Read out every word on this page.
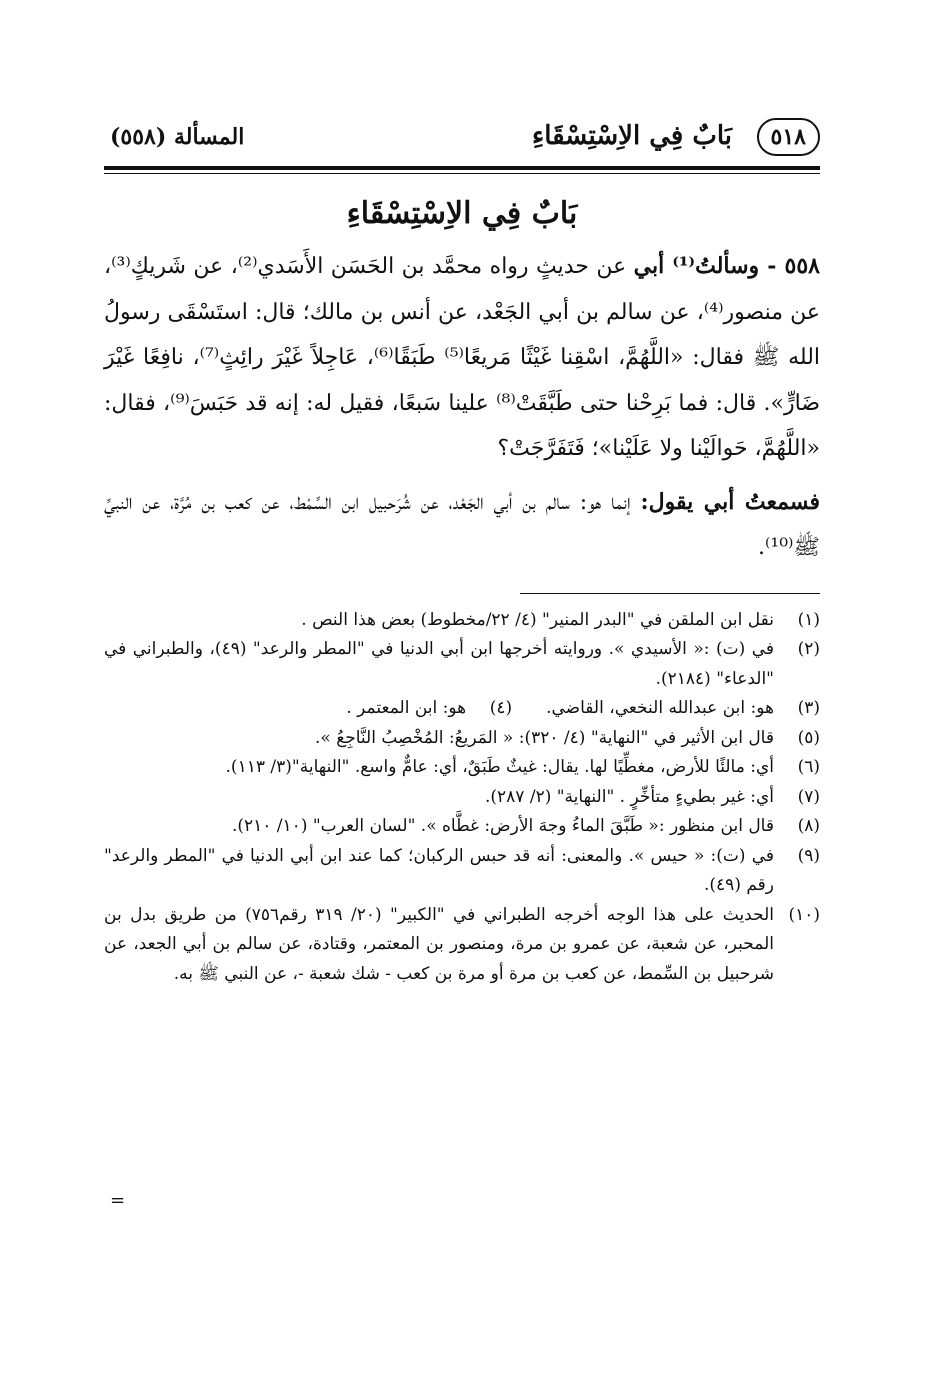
٥١٨
بَابٌ فِي الاِسْتِسْقَاءِ
المسألة (٥٥٨)
بَابٌ فِي الاِسْتِسْقَاءِ

٥٥٨ - وسألتُ⁽¹⁾ أبي عن حديثٍ رواه محمَّد بن الحَسَن الأَسَدي⁽²⁾، عن شَريكٍ⁽³⁾، عن منصور⁽⁴⁾، عن سالم بن أبي الجَعْد، عن أنس بن مالك؛ قال: استَسْقَى رسولُ الله ﷺ فقال: «اللَّهُمَّ، اسْقِنا غَيْثًا مَريعًا⁽⁵⁾ طَبَقًا⁽⁶⁾، عَاجِلاً غَيْرَ رائِثٍ⁽⁷⁾، نافِعًا غَيْرَ ضَارٍّ». قال: فما بَرِحْنا حتى طَبَّقَتْ⁽⁸⁾ علينا سَبعًا، فقيل له: إنه قد حَبَسَ⁽⁹⁾، فقال: «اللَّهُمَّ، حَوالَيْنا ولا عَلَيْنا»؛ فَتَفَرَّجَتْ؟

فسمعتُ أبي يقول: إنما هو: سالم بن أبي الجَعْد، عن شُرَحبيل ابن السِّمْط، عن كعب بن مُرَّة، عن النبيِّ ﷺ⁽¹⁰⁾.

(١)
نقل ابن الملقن في "البدر المنير" (٤/ ٢٢/مخطوط) بعض هذا النص .
(٢)
في (ت) :« الأسيدي ». وروايته أخرجها ابن أبي الدنيا في "المطر والرعد" (٤٩)، والطبراني في "الدعاء" (٢١٨٤).
(٣)
هو: ابن عبدالله النخعي، القاضي.
(٤)
هو: ابن المعتمر .
(٥)
قال ابن الأثير في "النهاية" (٤/ ٣٢٠): « المَريعُ: المُخْصِبُ النَّاجِعُ ».
(٦)
أي: مالئًا للأرض، مغطِّيًا لها. يقال: غيثٌ طَبَقٌ، أي: عامٌّ واسع. "النهاية"(٣/ ١١٣).
(٧)
أي: غير بطيءٍ متأخِّرٍ . "النهاية" (٢/ ٢٨٧).
(٨)
قال ابن منظور :« طَبَّقَ الماءُ وجهَ الأرض: غطَّاه ». "لسان العرب" (١٠/ ٢١٠).
(٩)
في (ت): « حيس ». والمعنى: أنه قد حبس الركبان؛ كما عند ابن أبي الدنيا في "المطر والرعد" رقم (٤٩).
(١٠)
الحديث على هذا الوجه أخرجه الطبراني في "الكبير" (٢٠/ ٣١٩ رقم٧٥٦) من طريق بدل بن المحبر، عن شعبة، عن عمرو بن مرة، ومنصور بن المعتمر، وقتادة، عن سالم بن أبي الجعد، عن شرحبيل بن السِّمط، عن كعب بن مرة أو مرة بن كعب - شك شعبة -، عن النبي ﷺ به.
=
